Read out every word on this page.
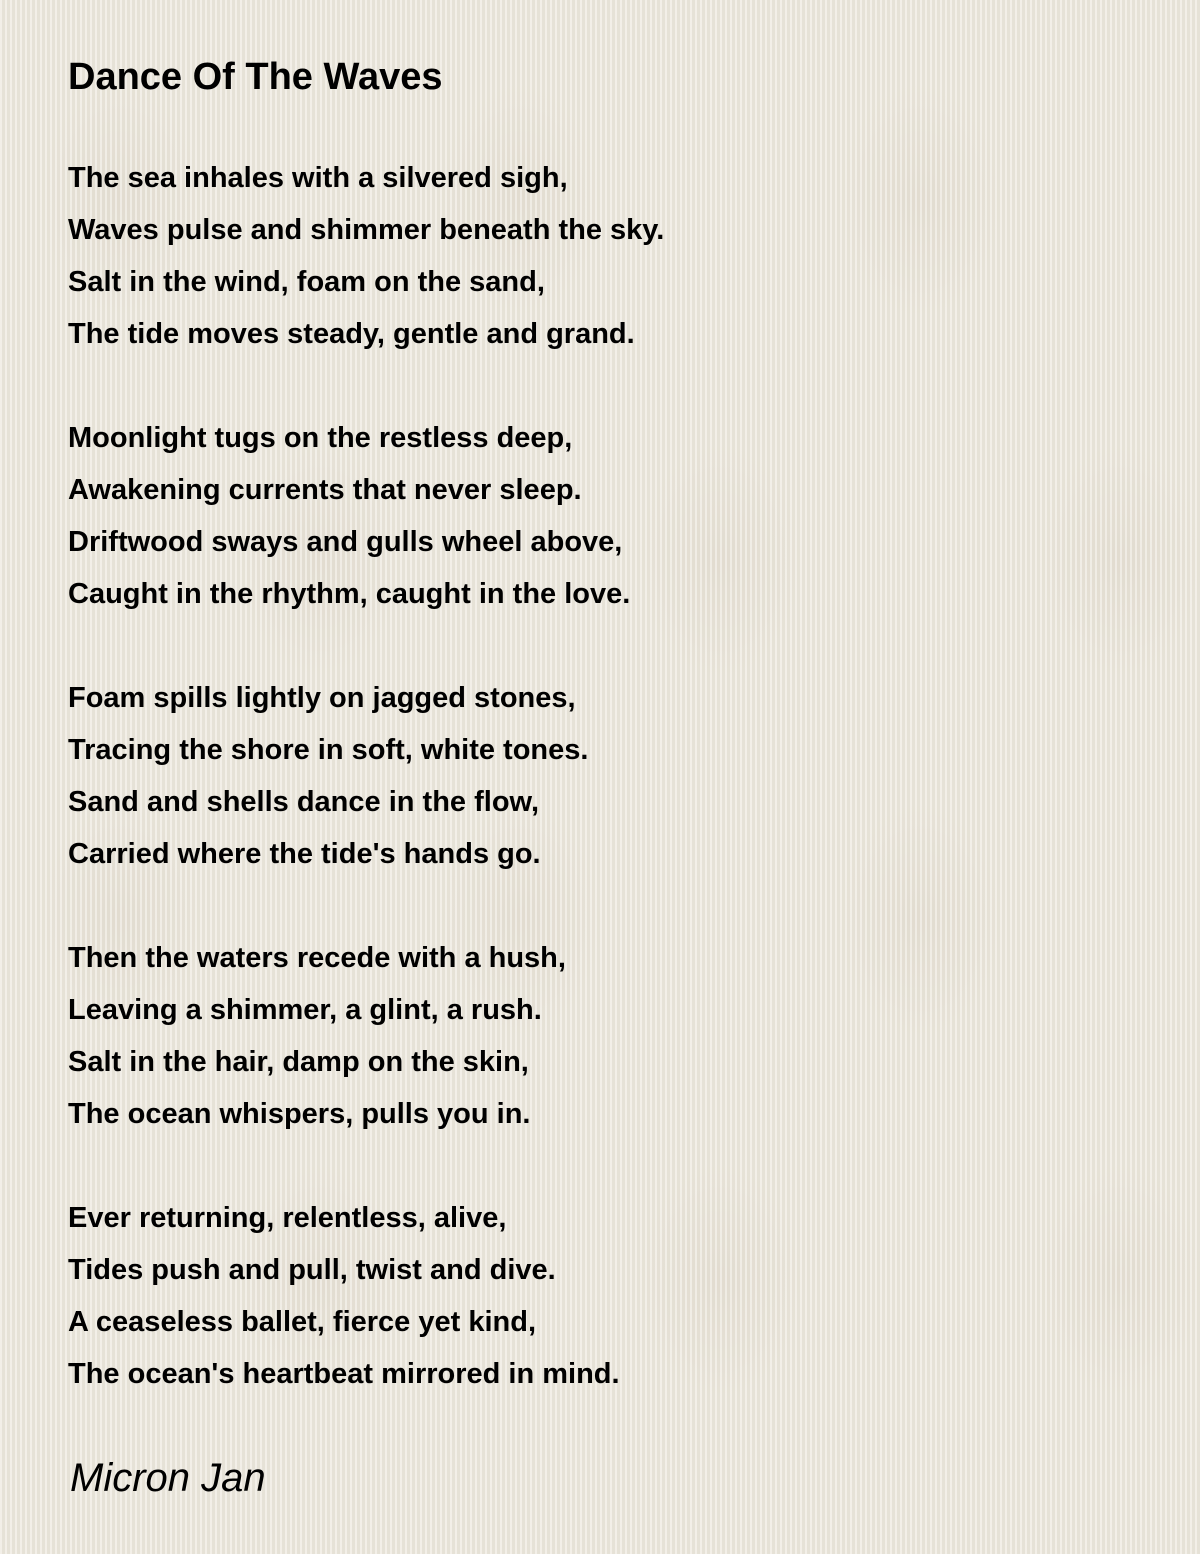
Dance Of The Waves
The sea inhales with a silvered sigh,
Waves pulse and shimmer beneath the sky.
Salt in the wind, foam on the sand,
The tide moves steady, gentle and grand.
Moonlight tugs on the restless deep,
Awakening currents that never sleep.
Driftwood sways and gulls wheel above,
Caught in the rhythm, caught in the love.
Foam spills lightly on jagged stones,
Tracing the shore in soft, white tones.
Sand and shells dance in the flow,
Carried where the tide's hands go.
Then the waters recede with a hush,
Leaving a shimmer, a glint, a rush.
Salt in the hair, damp on the skin,
The ocean whispers, pulls you in.
Ever returning, relentless, alive,
Tides push and pull, twist and dive.
A ceaseless ballet, fierce yet kind,
The ocean's heartbeat mirrored in mind.
Micron Jan
